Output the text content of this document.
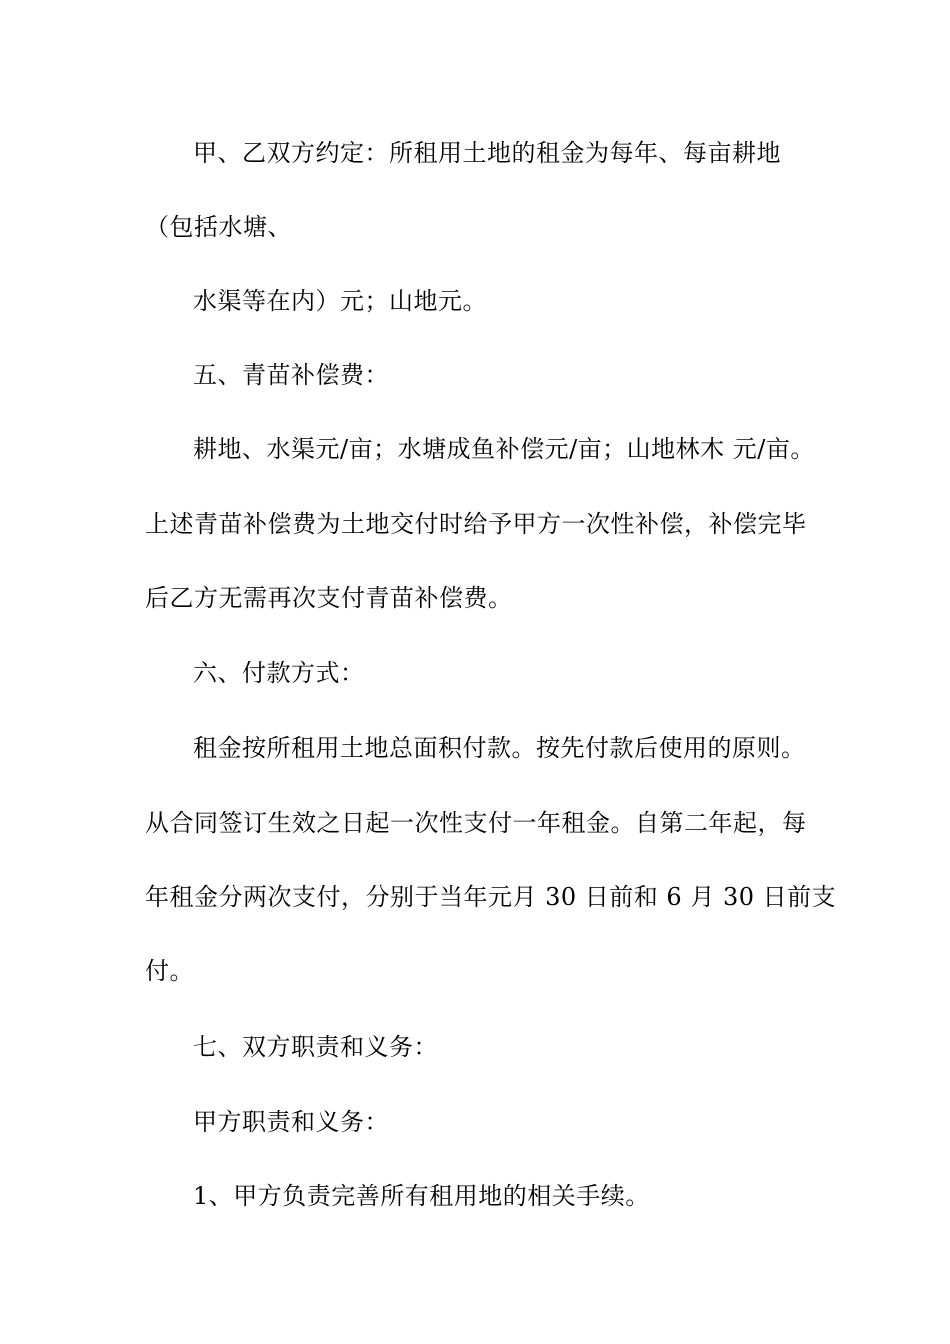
甲、乙双方约定：所租用土地的租金为每年、每亩耕地
（包括水塘、
水渠等在内）元；山地元。
五、青苗补偿费：
耕地、水渠元/亩；水塘成鱼补偿元/亩；山地林木 元/亩。
上述青苗补偿费为土地交付时给予甲方一次性补偿，补偿完毕
后乙方无需再次支付青苗补偿费。
六、付款方式：
租金按所租用土地总面积付款。按先付款后使用的原则。
从合同签订生效之日起一次性支付一年租金。自第二年起，每
年租金分两次支付，分别于当年元月 30 日前和 6 月 30 日前支
付。
七、双方职责和义务：
甲方职责和义务：
1、甲方负责完善所有租用地的相关手续。
